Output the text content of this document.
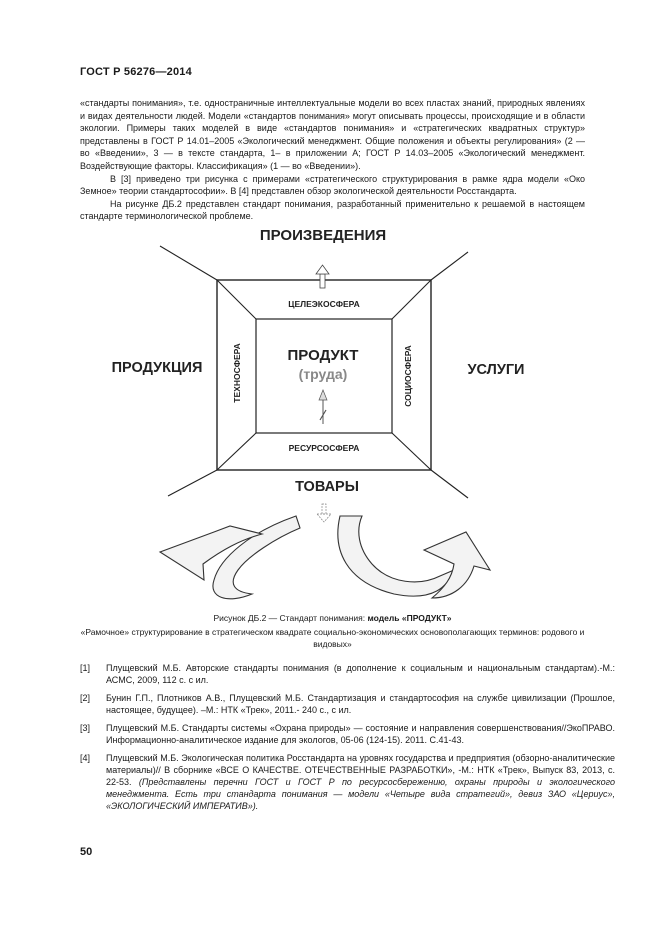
ГОСТ Р 56276—2014

«стандарты понимания», т.е. одностраничные интеллектуальные модели во всех пластах знаний, природных явлениях и видах деятельности людей. Модели «стандартов понимания» могут описывать процессы, происходящие и в области экологии. Примеры таких моделей в виде «стандартов понимания» и «стратегических квадратных структур» представлены в ГОСТ Р 14.01–2005 «Экологический менеджмент. Общие положения и объекты регулирования» (2 — во «Введении», 3 — в тексте стандарта, 1– в приложении А; ГОСТ Р 14.03–2005 «Экологический менеджмент. Воздействующие факторы. Классификация» (1 — во «Введении»).

В [3] приведено три рисунка с примерами «стратегического структурирования в рамке ядра модели «Око Земное» теории стандартософии». В [4] представлен обзор экологической деятельности Росстандарта.

На рисунке ДБ.2 представлен стандарт понимания, разработанный применительно к решаемой в настоящем стандарте терминологической проблеме.

ПРОИЗВЕДЕНИЯ
ПРОДУКЦИЯ	УСЛУГИ
ТОВАРЫ
ЦЕЛЕЭКОСФЕРА
РЕСУРСОСФЕРА
ТЕХНОСФЕРА	СОЦИОСФЕРА
ПРОДУКТ
(труда)
Рисунок ДБ.2 — Стандарт понимания: модель «ПРОДУКТ»
«Рамочное» структурирование в стратегическом квадрате социально-экономических основополагающих терминов: родового и видовых»
[1] Плущевский М.Б. Авторские стандарты понимания (в дополнение к социальным и национальным стандартам).-М.: АСМС, 2009, 112 с. с ил.
[2] Бунин Г.П., Плотников А.В., Плущевский М.Б. Стандартизация и стандартософия на службе цивилизации (Прошлое, настоящее, будущее). –М.: НТК «Трек», 2011.- 240 с., с ил.
[3] Плущевский М.Б. Стандарты системы «Охрана природы» — состояние и направления совершенствования//ЭкоПРАВО. Информационно-аналитическое издание для экологов, 05-06 (124-15). 2011. С.41-43.
[4] Плущевский М.Б. Экологическая политика Росстандарта на уровнях государства и предприятия (обзорно-аналитические материалы)// В сборнике «ВСЕ О КАЧЕСТВЕ. ОТЕЧЕСТВЕННЫЕ РАЗРАБОТКИ», -М.: НТК «Трек», Выпуск 83, 2013, с. 22-53. (Представлены перечни ГОСТ и ГОСТ Р по ресурсосбережению, охраны природы и экологического менеджмента. Есть три стандарта понимания — модели «Четыре вида стратегий», девиз ЗАО «Цериус», «ЭКОЛОГИЧЕСКИЙ ИМПЕРАТИВ»).
50
